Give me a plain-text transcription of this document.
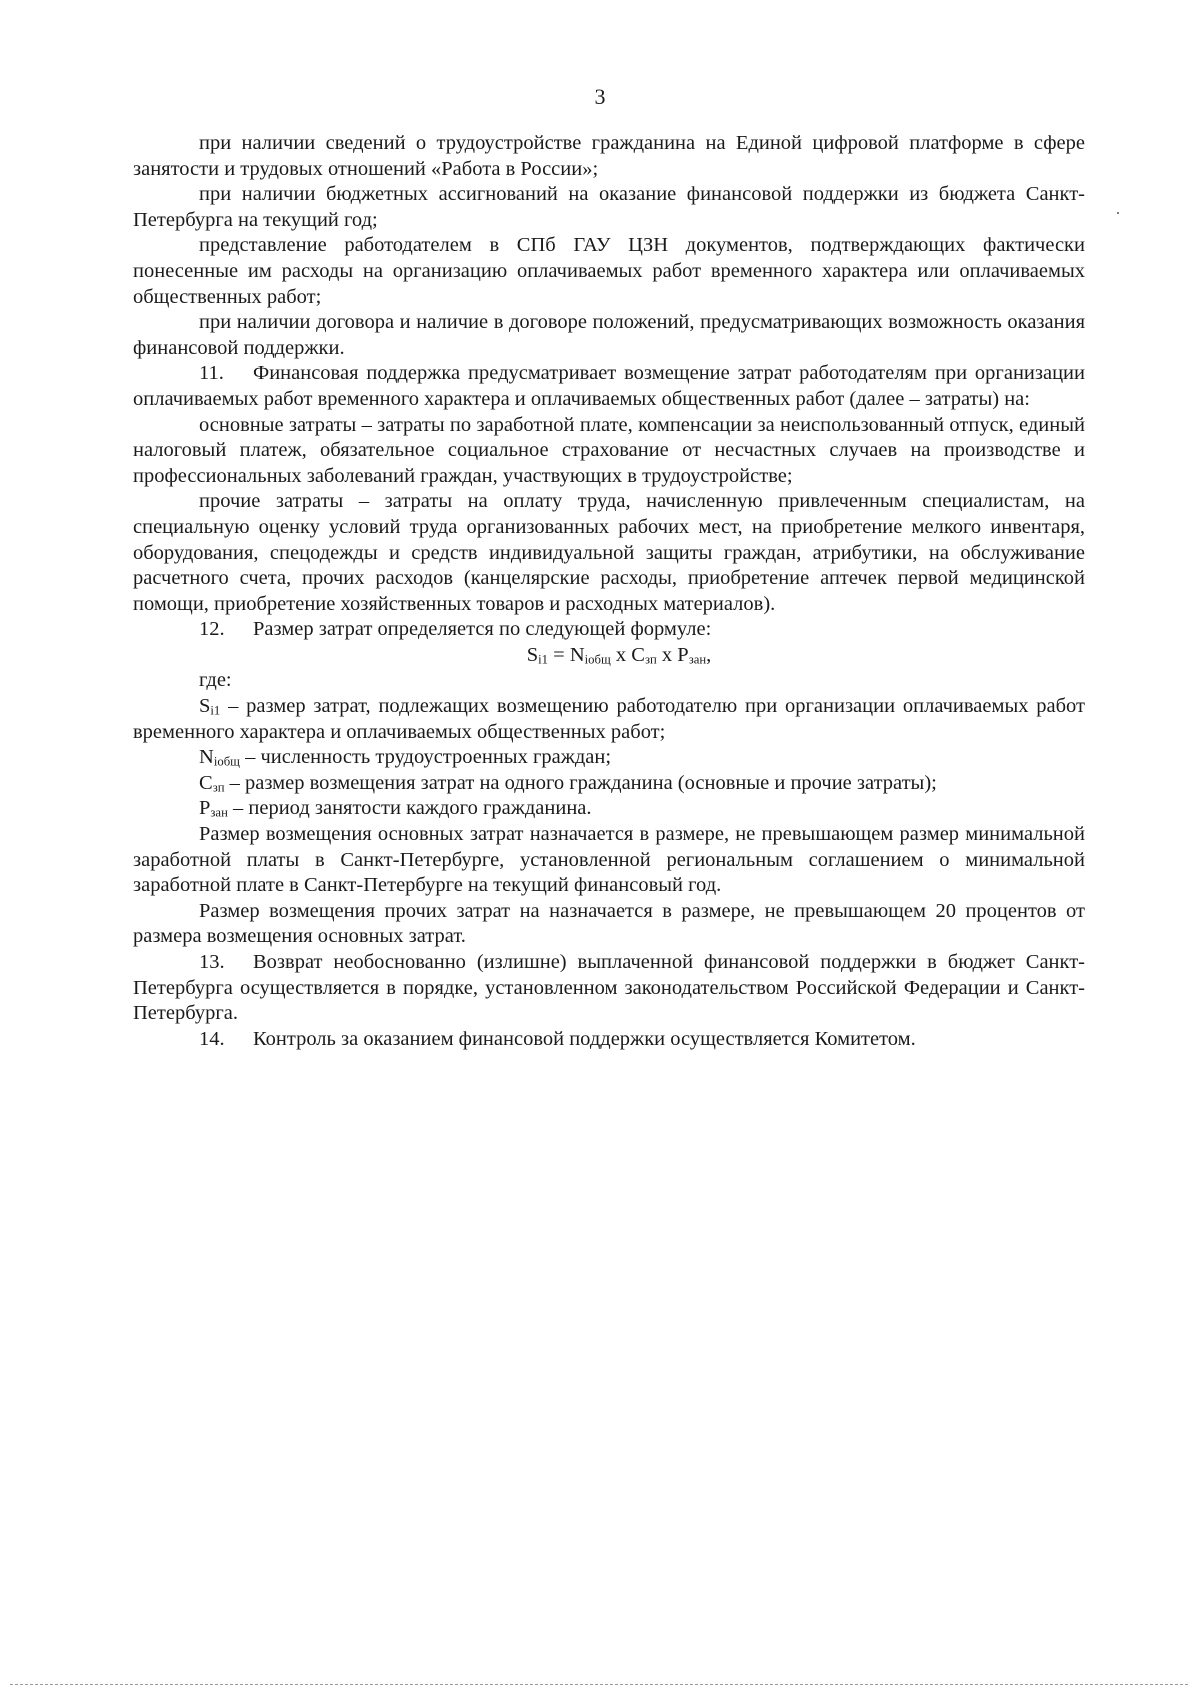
3

при наличии сведений о трудоустройстве гражданина на Единой цифровой платформе в сфере занятости и трудовых отношений «Работа в России»;

при наличии бюджетных ассигнований на оказание финансовой поддержки из бюджета Санкт-Петербурга на текущий год;

представление работодателем в СПб ГАУ ЦЗН документов, подтверждающих фактически понесенные им расходы на организацию оплачиваемых работ временного характера или оплачиваемых общественных работ;

при наличии договора и наличие в договоре положений, предусматривающих возможность оказания финансовой поддержки.

11. Финансовая поддержка предусматривает возмещение затрат работодателям при организации оплачиваемых работ временного характера и оплачиваемых общественных работ (далее – затраты) на:

основные затраты – затраты по заработной плате, компенсации за неиспользованный отпуск, единый налоговый платеж, обязательное социальное страхование от несчастных случаев на производстве и профессиональных заболеваний граждан, участвующих в трудоустройстве;

прочие затраты – затраты на оплату труда, начисленную привлеченным специалистам, на специальную оценку условий труда организованных рабочих мест, на приобретение мелкого инвентаря, оборудования, спецодежды и средств индивидуальной защиты граждан, атрибутики, на обслуживание расчетного счета, прочих расходов (канцелярские расходы, приобретение аптечек первой медицинской помощи, приобретение хозяйственных товаров и расходных материалов).

12. Размер затрат определяется по следующей формуле:

$S_{i1} = N_{iобщ}$ х $С_{зп}$ х $Р_{зан}$,

где:

$S_{i1}$ – размер затрат, подлежащих возмещению работодателю при организации оплачиваемых работ временного характера и оплачиваемых общественных работ;

$N_{iобщ}$ – численность трудоустроенных граждан;

$С_{зп}$ – размер возмещения затрат на одного гражданина (основные и прочие затраты);

$Р_{зан}$ – период занятости каждого гражданина.

Размер возмещения основных затрат назначается в размере, не превышающем размер минимальной заработной платы в Санкт-Петербурге, установленной региональным соглашением о минимальной заработной плате в Санкт-Петербурге на текущий финансовый год.

Размер возмещения прочих затрат на назначается в размере, не превышающем 20 процентов от размера возмещения основных затрат.

13. Возврат необоснованно (излишне) выплаченной финансовой поддержки в бюджет Санкт-Петербурга осуществляется в порядке, установленном законодательством Российской Федерации и Санкт-Петербурга.

14. Контроль за оказанием финансовой поддержки осуществляется Комитетом.
